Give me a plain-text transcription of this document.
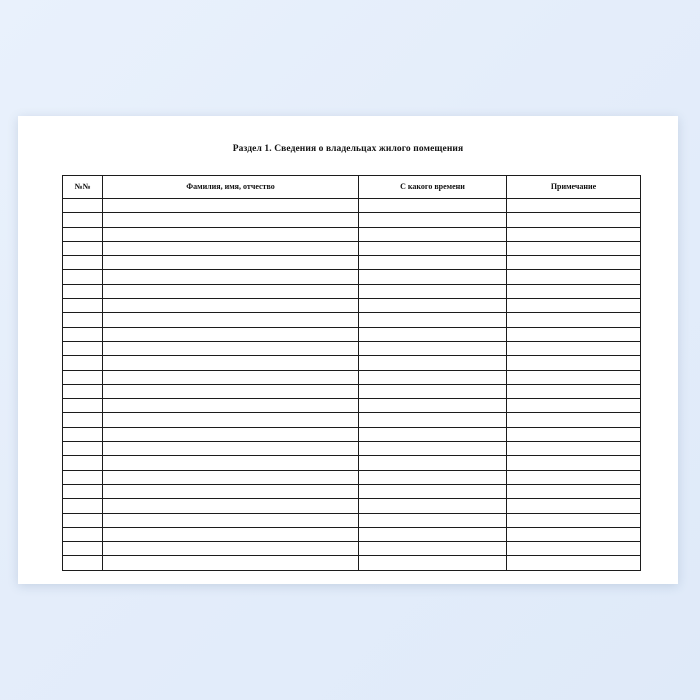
Раздел 1. Сведения о владельцах жилого помещения
№№	Фамилия, имя, отчество	С какого времени	Примечание
